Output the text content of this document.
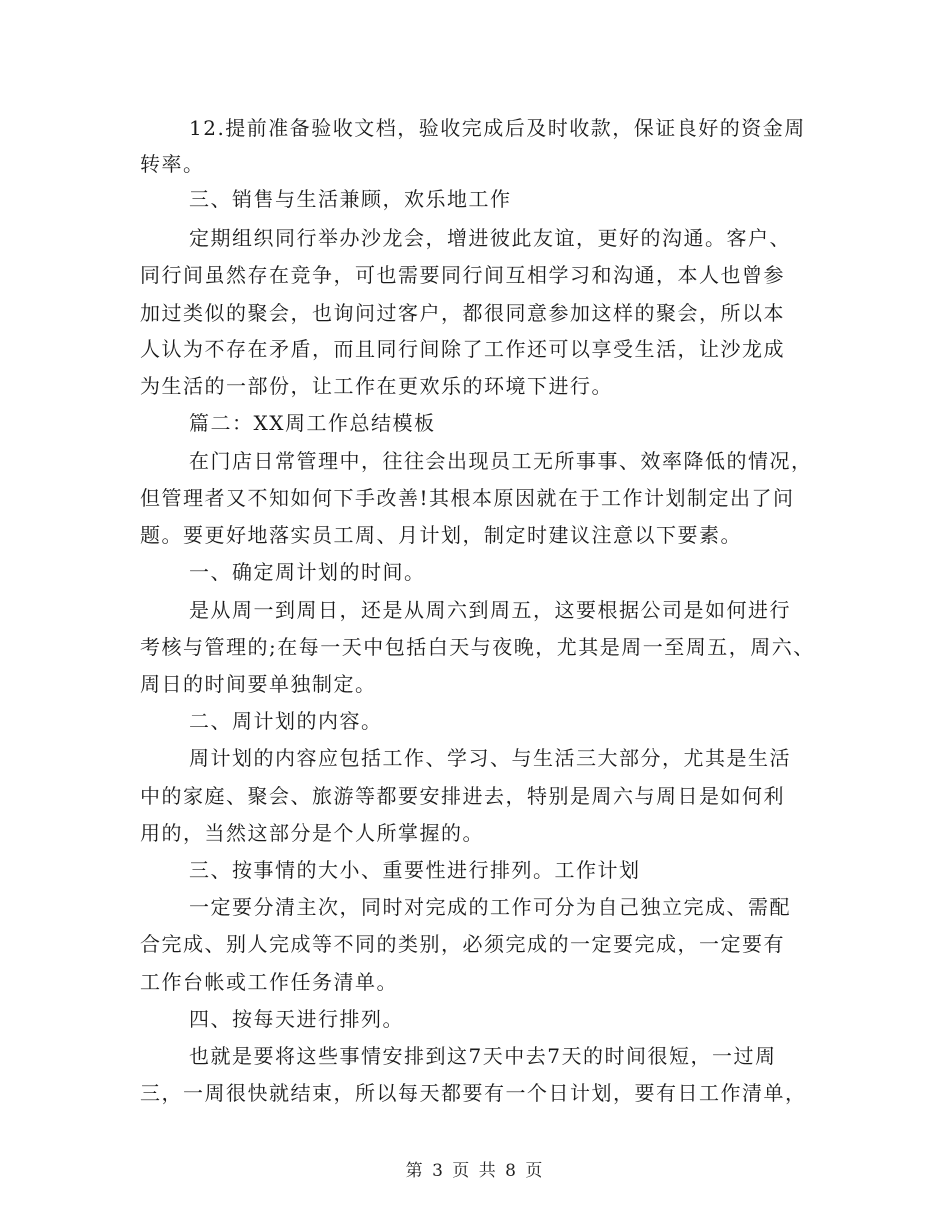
12.提前准备验收文档，验收完成后及时收款，保证良好的资金周
转率。
三、销售与生活兼顾，欢乐地工作
定期组织同行举办沙龙会，增进彼此友谊，更好的沟通。客户、
同行间虽然存在竞争，可也需要同行间互相学习和沟通，本人也曾参
加过类似的聚会，也询问过客户，都很同意参加这样的聚会，所以本
人认为不存在矛盾，而且同行间除了工作还可以享受生活，让沙龙成
为生活的一部份，让工作在更欢乐的环境下进行。
篇二：XX周工作总结模板
在门店日常管理中，往往会出现员工无所事事、效率降低的情况，
但管理者又不知如何下手改善!其根本原因就在于工作计划制定出了问
题。要更好地落实员工周、月计划，制定时建议注意以下要素。
一、确定周计划的时间。
是从周一到周日，还是从周六到周五，这要根据公司是如何进行
考核与管理的;在每一天中包括白天与夜晚，尤其是周一至周五，周六、
周日的时间要单独制定。
二、周计划的内容。
周计划的内容应包括工作、学习、与生活三大部分，尤其是生活
中的家庭、聚会、旅游等都要安排进去，特别是周六与周日是如何利
用的，当然这部分是个人所掌握的。
三、按事情的大小、重要性进行排列。工作计划
一定要分清主次，同时对完成的工作可分为自己独立完成、需配
合完成、别人完成等不同的类别，必须完成的一定要完成，一定要有
工作台帐或工作任务清单。
四、按每天进行排列。
也就是要将这些事情安排到这7天中去7天的时间很短，一过周
三，一周很快就结束，所以每天都要有一个日计划，要有日工作清单，
第 3 页 共 8 页
